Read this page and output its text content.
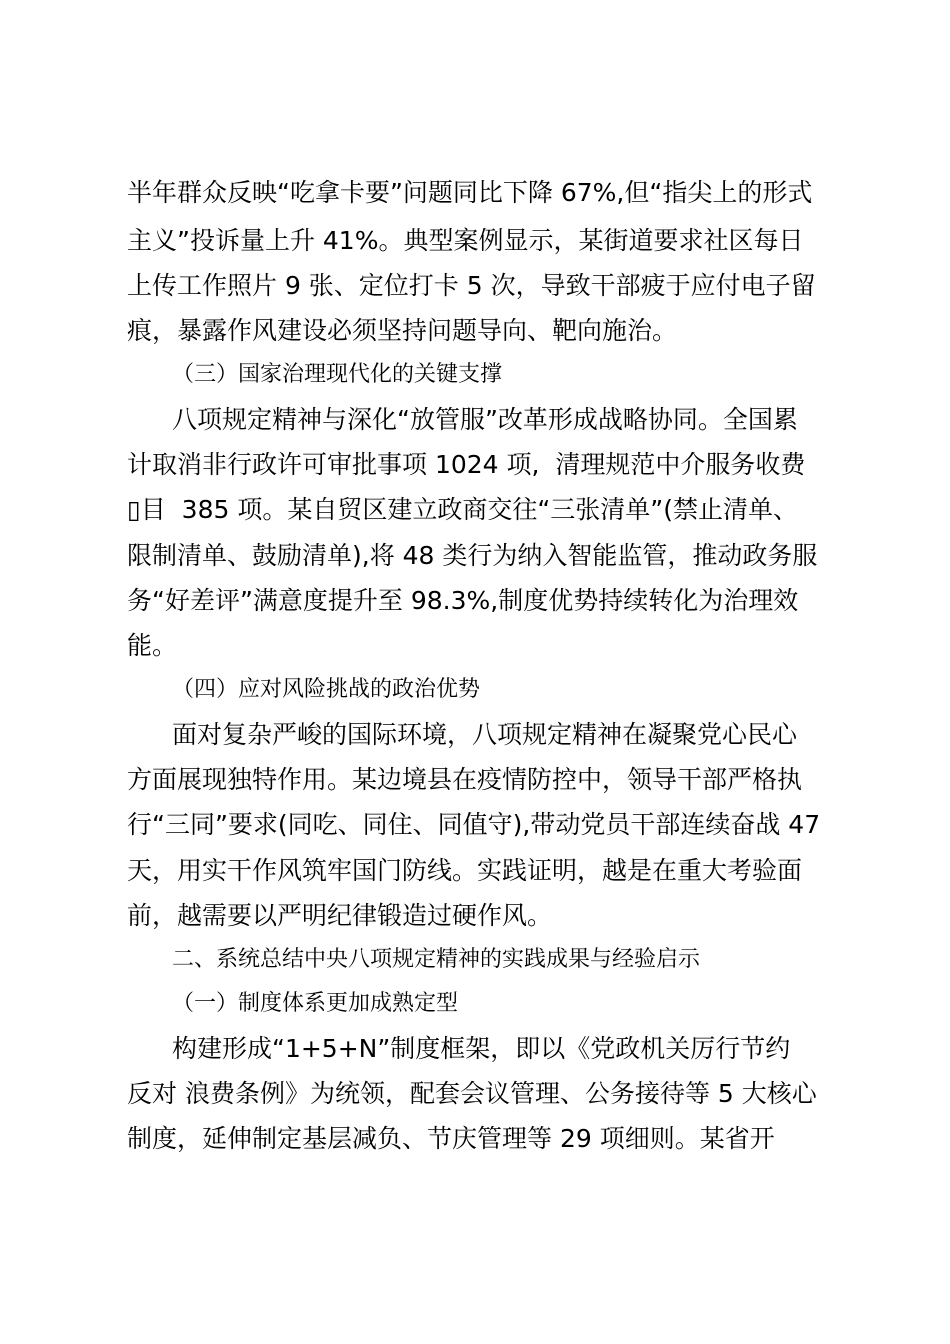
半年群众反映“吃拿卡要”问题同比下降 67%,但“指尖上的形式
主义”投诉量上升 41%。典型案例显示，某街道要求社区每日
上传工作照片 9 张、定位打卡 5 次，导致干部疲于应付电子留
痕，暴露作风建设必须坚持问题导向、靶向施治。
（三）国家治理现代化的关键支撑
八项规定精神与深化“放管服”改革形成战略协同。全国累
计取消非行政许可审批事项 1024 项,  清理规范中介服务收费
▯目  385 项。某自贸区建立政商交往“三张清单”(禁止清单、
限制清单、鼓励清单),将 48 类行为纳入智能监管，推动政务服
务“好差评”满意度提升至 98.3%,制度优势持续转化为治理效
能。
（四）应对风险挑战的政治优势
面对复杂严峻的国际环境，八项规定精神在凝聚党心民心
方面展现独特作用。某边境县在疫情防控中，领导干部严格执
行“三同”要求(同吃、同住、同值守),带动党员干部连续奋战 47
天，用实干作风筑牢国门防线。实践证明，越是在重大考验面
前，越需要以严明纪律锻造过硬作风。
二、系统总结中央八项规定精神的实践成果与经验启示
（一）制度体系更加成熟定型
构建形成“1+5+N”制度框架，即以《党政机关厉行节约
反对 浪费条例》为统领，配套会议管理、公务接待等 5 大核心
制度，延伸制定基层减负、节庆管理等 29 项细则。某省开
